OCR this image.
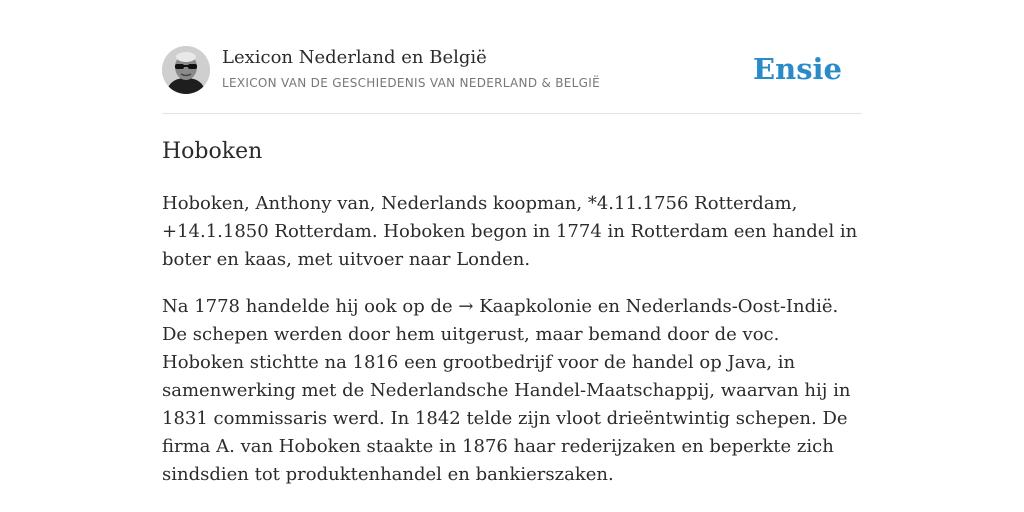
Lexicon Nederland en België
LEXICON VAN DE GESCHIEDENIS VAN NEDERLAND & BELGIË	Ensie
Hoboken

Hoboken, Anthony van, Nederlands koopman, *4.11.1756 Rotterdam, +14.1.1850 Rotterdam. Hoboken begon in 1774 in Rotterdam een handel in boter en kaas, met uitvoer naar Londen.

Na 1778 handelde hij ook op de → Kaapkolonie en Nederlands-Oost-Indië. De schepen werden door hem uitgerust, maar bemand door de voc. Hoboken stichtte na 1816 een grootbedrijf voor de handel op Java, in samenwerking met de Nederlandsche Handel-Maatschappij, waarvan hij in 1831 commissaris werd. In 1842 telde zijn vloot drieëntwintig schepen. De firma A. van Hoboken staakte in 1876 haar rederijzaken en beperkte zich sindsdien tot produktenhandel en bankierszaken.
